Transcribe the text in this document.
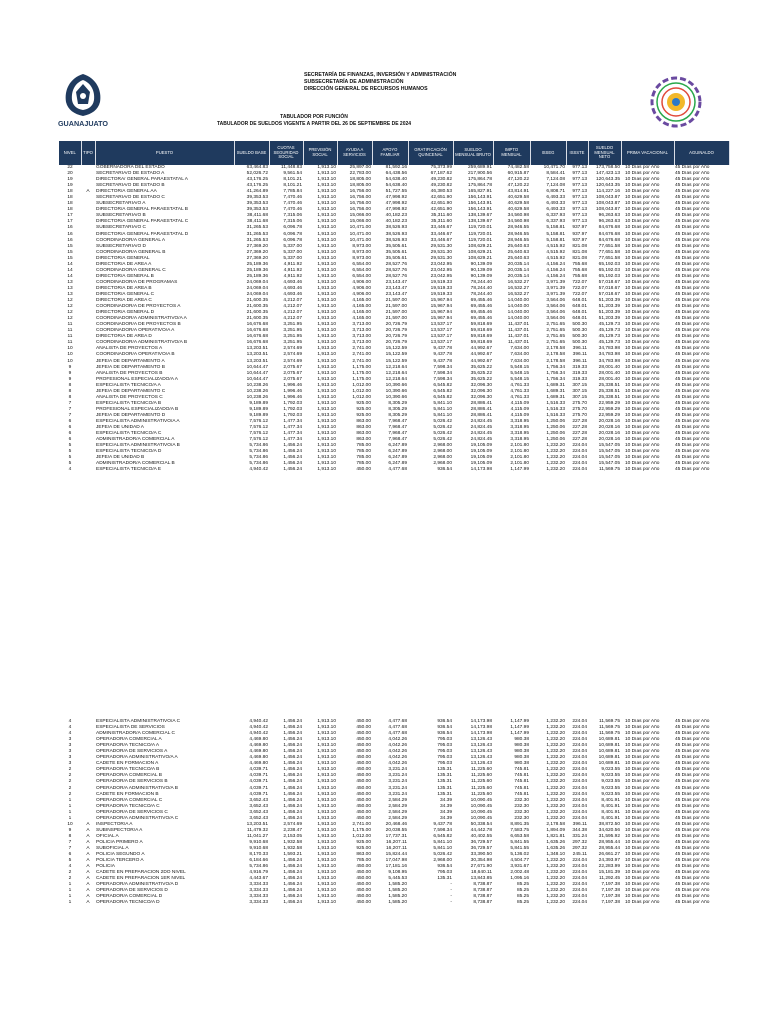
GUANAJUATO
SECRETARÍA DE FINANZAS, INVERSIÓN Y ADMINISTRACIÓN
SUBSECRETARÍA DE ADMINISTRACIÓN
DIRECCIÓN GENERAL DE RECURSOS HUMANOS
TABULADOR POR FUNCIÓN
TABULADOR DE SUELDOS VIGENTE A PARTIR DEL 26 DE SEPTIEMBRE DE 2024
NIVEL	TIPO	PUESTO	SUELDO BASE	CUOTAS SEGURIDAD SOCIAL	PREVISIÓN SOCIAL	AYUDA A SERVICIOS	APOYO FAMILIAR	GRATIFICACIÓN QUINCENAL	SUELDO MENSUAL BRUTO	IMPTO MENSUAL	ISSEG	ISSSTE	SUELDO MENSUAL NETO	PRIMA VACACIONAL	AGUINALDO
22		GOBERNADORA DEL ESTADO	63,464.83	11,448.83	1,913.10	25,897.00	81,592.16	75,373.99	259,689.91	74,482.58	10,471.70	977.13	173,758.50	10 Días por Año	45 Días por Año
20		SECRETARIA/O DE ESTADO A	52,026.72	9,561.54	1,913.10	22,783.00	64,438.56	67,187.62	217,900.56	60,915.87	8,584.41	977.13	147,423.13	10 Días por Año	45 Días por Año
19		DIRECTORA/ GENERAL PARAESTATAL A	43,176.25	8,101.21	1,913.10	18,805.00	54,638.40	49,230.82	175,864.78	47,120.22	7,124.08	977.13	120,643.35	10 Días por Año	45 Días por Año
19		SECRETARIA/O DE ESTADO B	43,176.25	8,101.21	1,913.10	18,805.00	54,638.40	49,230.82	175,864.78	47,120.22	7,124.08	977.13	120,643.35	10 Días por Año	45 Días por Año
18	A	DIRECTOR/A GENERAL AA	41,264.89	7,785.84	1,913.10	16,756.00	51,727.55	46,380.53	165,827.91	43,814.91	6,808.71	977.13	114,227.16	10 Días por Año	45 Días por Año
18		SECRETARIA/O DE ESTADO C	39,353.53	7,470.46	1,913.10	16,756.00	47,998.92	42,651.90	156,143.91	40,629.58	6,493.33	977.13	108,043.87	10 Días por Año	45 Días por Año
18		SUBSECRETARIA/O A	39,353.53	7,470.46	1,913.10	16,756.00	47,998.92	42,651.90	156,143.91	40,629.58	6,493.33	977.13	108,043.87	10 Días por Año	45 Días por Año
18		DIRECTOR/A GENERAL PARAESTATAL B	39,353.53	7,470.46	1,913.10	16,756.00	47,998.92	42,651.90	156,143.91	40,629.58	6,493.33	977.13	108,043.87	10 Días por Año	45 Días por Año
17		SUBSECRETARIA/O B	38,411.68	7,315.06	1,913.10	15,066.00	40,182.23	35,311.60	138,139.67	34,560.98	6,337.93	977.13	96,263.63	10 Días por Año	45 Días por Año
17		DIRECTOR/A GENERAL PARAESTATAL C	38,411.68	7,315.06	1,913.10	15,066.00	40,182.23	35,311.60	138,139.67	34,560.98	6,337.93	977.13	96,263.63	10 Días por Año	45 Días por Año
16		SUBSECRETARIA/O C	31,265.53	6,096.78	1,913.10	10,471.00	38,526.93	33,446.67	119,720.01	28,946.55	5,158.81	937.97	84,676.68	10 Días por Año	45 Días por Año
16		DIRECTOR/A GENERAL PARAESTATAL D	31,265.53	6,096.78	1,913.10	10,471.00	38,526.93	33,446.67	119,720.01	28,946.55	5,158.81	937.97	84,676.68	10 Días por Año	45 Días por Año
16		COORDINADOR/A GENERAL A	31,265.53	6,096.78	1,913.10	10,471.00	38,526.93	33,446.67	119,720.01	28,946.55	5,158.81	937.97	84,676.68	10 Días por Año	45 Días por Año
15		SUBSECRETARIA/O D	27,369.20	5,337.00	1,913.10	8,973.00	35,505.61	29,531.30	108,629.21	25,640.63	4,515.92	821.08	77,651.58	10 Días por Año	45 Días por Año
15		COORDINADOR/A GENERAL B	27,369.20	5,337.00	1,913.10	8,973.00	35,505.61	29,531.30	108,629.21	25,640.63	4,515.92	821.08	77,651.58	10 Días por Año	45 Días por Año
15		DIRECTOR/A GENERAL	27,369.20	5,337.00	1,913.10	8,973.00	35,505.61	29,531.30	108,629.21	25,640.63	4,515.92	821.08	77,651.58	10 Días por Año	45 Días por Año
14		DIRECTOR/A DE AREA A	25,189.36	4,911.92	1,913.10	6,554.00	28,527.76	23,042.95	90,139.09	20,035.14	4,156.24	755.68	65,192.03	10 Días por Año	45 Días por Año
14		COORDINADOR/A GENERAL C	25,189.36	4,911.92	1,913.10	6,554.00	28,527.76	23,042.95	90,139.09	20,035.14	4,156.24	755.68	65,192.03	10 Días por Año	45 Días por Año
14		DIRECTOR/A GENERAL B	25,189.36	4,911.92	1,913.10	6,554.00	28,527.76	23,042.95	90,139.09	20,035.14	4,156.24	755.68	65,192.03	10 Días por Año	45 Días por Año
13		COORDINADOR/A DE PROGRAMAS	24,069.04	4,693.46	1,913.10	4,906.00	23,143.47	19,519.33	78,244.40	16,532.27	3,971.39	722.07	57,018.67	10 Días por Año	45 Días por Año
13		DIRECTOR/A DE AREA B	24,069.04	4,693.46	1,913.10	4,906.00	23,143.47	19,519.33	78,244.40	16,532.27	3,971.39	722.07	57,018.67	10 Días por Año	45 Días por Año
13		DIRECTOR/A GENERAL C	24,069.04	4,693.46	1,913.10	4,906.00	23,143.47	19,519.33	78,244.40	16,532.27	3,971.39	722.07	57,018.67	10 Días por Año	45 Días por Año
12		DIRECTOR/A DE AREA C	21,600.35	4,212.07	1,913.10	4,165.00	21,597.00	15,967.94	69,455.46	14,040.00	3,564.06	648.01	51,203.39	10 Días por Año	45 Días por Año
12		COORDINADOR/A DE PROYECTOS A	21,600.35	4,212.07	1,913.10	4,165.00	21,597.00	15,967.94	69,455.46	14,040.00	3,564.06	648.01	51,203.39	10 Días por Año	45 Días por Año
12		DIRECTOR/A GENERAL D	21,600.35	4,212.07	1,913.10	4,165.00	21,597.00	15,967.94	69,455.46	14,040.00	3,564.06	648.01	51,203.39	10 Días por Año	45 Días por Año
12		COORDINADOR/A ADMINISTRATIVO/A A	21,600.35	4,212.07	1,913.10	4,165.00	21,597.00	15,967.94	69,455.46	14,040.00	3,564.06	648.01	51,203.39	10 Días por Año	45 Días por Año
11		COORDINADOR/A DE PROYECTOS B	16,676.68	3,251.95	1,913.10	3,713.00	20,726.79	13,537.17	59,818.69	11,437.01	2,751.65	500.30	45,129.73	10 Días por Año	45 Días por Año
11		COORDINADOR/A OPERATIVO/A A	16,676.68	3,251.95	1,913.10	3,713.00	20,726.79	13,537.17	59,818.69	11,437.01	2,751.65	500.30	45,129.73	10 Días por Año	45 Días por Año
11		DIRECTOR/A DE AREA D	16,676.68	3,251.95	1,913.10	3,713.00	20,726.79	13,537.17	59,818.69	11,437.01	2,751.65	500.30	45,129.73	10 Días por Año	45 Días por Año
11		COORDINADOR/A ADMINISTRATIVO/A B	16,676.68	3,251.95	1,913.10	3,713.00	20,726.79	13,537.17	59,818.69	11,437.01	2,751.65	500.30	45,129.73	10 Días por Año	45 Días por Año
10		ANALISTA DE PROYECTOS A	13,203.51	2,574.69	1,913.10	2,741.00	15,122.59	9,437.78	44,992.67	7,634.00	2,178.58	396.11	34,783.98	10 Días por Año	45 Días por Año
10		COORDINADOR/A OPERATIVO/A B	13,203.51	2,574.69	1,913.10	2,741.00	15,122.59	9,437.78	44,992.67	7,634.00	2,178.58	396.11	34,783.98	10 Días por Año	45 Días por Año
10		JEFE/A DE DEPARTAMENTO A	13,203.51	2,574.69	1,913.10	2,741.00	15,122.59	9,437.78	44,992.67	7,634.00	2,178.58	396.11	34,783.98	10 Días por Año	45 Días por Año
9		JEFE/A DE DEPARTAMENTO B	10,644.47	2,075.67	1,913.10	1,175.00	12,218.64	7,598.34	35,625.22	5,548.15	1,756.34	319.33	28,001.40	10 Días por Año	45 Días por Año
9		ANALISTA DE PROYECTOS B	10,644.47	2,075.67	1,913.10	1,175.00	12,218.64	7,598.34	35,625.22	5,548.15	1,756.34	319.33	28,001.40	10 Días por Año	45 Días por Año
9		PROFESIONAL ESPECIALIZADO/A A	10,644.47	2,075.67	1,913.10	1,175.00	12,218.64	7,598.34	35,625.22	5,548.15	1,756.34	319.33	28,001.40	10 Días por Año	45 Días por Año
8		ESPECIALISTA TECNICO/A A	10,238.26	1,996.46	1,913.10	1,012.00	10,390.66	6,545.82	32,096.30	4,761.33	1,689.31	307.15	25,338.51	10 Días por Año	45 Días por Año
8		JEFE/A DE DEPARTAMENTO C	10,238.26	1,996.46	1,913.10	1,012.00	10,390.66	6,545.82	32,096.30	4,761.33	1,689.31	307.15	25,338.51	10 Días por Año	45 Días por Año
8		ANALISTA DE PROYECTOS C	10,238.26	1,996.46	1,913.10	1,012.00	10,390.66	6,545.82	32,096.30	4,761.33	1,689.31	307.15	25,338.51	10 Días por Año	45 Días por Año
7		ESPECIALISTA TECNICO/A B	9,189.89	1,792.03	1,913.10	925.00	8,305.29	5,841.10	28,886.41	4,115.09	1,516.33	275.70	22,959.29	10 Días por Año	45 Días por Año
7		PROFESIONAL ESPECIALIZADO/A B	9,189.89	1,792.03	1,913.10	925.00	8,305.29	5,841.10	28,886.41	4,115.09	1,516.33	275.70	22,959.29	10 Días por Año	45 Días por Año
7		JEFE/A DE DEPARTAMENTO D	9,189.89	1,792.03	1,913.10	925.00	8,305.29	5,841.10	28,886.41	4,115.09	1,516.33	275.70	22,959.29	10 Días por Año	45 Días por Año
6		ESPECIALISTA ADMINISTRATIVO/A A	7,576.12	1,477.34	1,913.10	863.00	7,968.47	5,026.42	24,824.45	3,318.95	1,250.06	227.28	20,028.16	10 Días por Año	45 Días por Año
6		JEFE/A DE UNIDAD A	7,576.12	1,477.34	1,913.10	863.00	7,968.47	5,026.42	24,824.45	3,318.95	1,250.06	227.28	20,028.16	10 Días por Año	45 Días por Año
6		ESPECIALISTA TECNICO/A C	7,576.12	1,477.34	1,913.10	863.00	7,968.47	5,026.42	24,824.45	3,318.95	1,250.06	227.28	20,028.16	10 Días por Año	45 Días por Año
6		ADMINISTRADOR/A COMERCIAL A	7,576.12	1,477.34	1,913.10	863.00	7,968.47	5,026.42	24,824.45	3,318.95	1,250.06	227.28	20,028.16	10 Días por Año	45 Días por Año
5		ESPECIALISTA ADMINISTRATIVO/A B	5,734.86	1,456.24	1,913.10	785.00	6,247.89	2,968.00	19,105.09	2,101.80	1,232.20	224.04	15,547.05	10 Días por Año	45 Días por Año
5		ESPECIALISTA TECNICO/A D	5,734.86	1,456.24	1,913.10	785.00	6,247.89	2,968.00	19,105.09	2,101.80	1,232.20	224.04	15,547.05	10 Días por Año	45 Días por Año
5		JEFE/A DE UNIDAD B	5,734.86	1,456.24	1,913.10	785.00	6,247.89	2,968.00	19,105.09	2,101.80	1,232.20	224.04	15,547.05	10 Días por Año	45 Días por Año
5		ADMINISTRADOR/A COMERCIAL B	5,734.86	1,456.24	1,913.10	785.00	6,247.89	2,968.00	19,105.09	2,101.80	1,232.20	224.04	15,547.05	10 Días por Año	45 Días por Año
4		ESPECIALISTA TECNICO/A E	4,940.42	1,456.24	1,913.10	450.00	4,477.68	936.54	14,173.98	1,147.99	1,232.20	224.04	11,569.75	10 Días por Año	45 Días por Año
4		ESPECIALISTA ADMINISTRATIVO/A C	4,940.42	1,456.24	1,913.10	450.00	4,477.68	936.54	14,173.98	1,147.99	1,232.20	224.04	11,569.75	10 Días por Año	45 Días por Año
4		ESPECIALISTA DE SERVICIOS	4,940.42	1,456.24	1,913.10	450.00	4,477.68	936.54	14,173.98	1,147.99	1,232.20	224.04	11,569.75	10 Días por Año	45 Días por Año
4		ADMINISTRADOR/A COMERCIAL C	4,940.42	1,456.24	1,913.10	450.00	4,477.68	936.54	14,173.98	1,147.99	1,232.20	224.04	11,569.75	10 Días por Año	45 Días por Año
3		OPERADOR/A COMERCIAL A	4,469.80	1,456.24	1,913.10	450.00	4,042.26	795.03	13,126.43	980.38	1,232.20	224.04	10,689.81	10 Días por Año	45 Días por Año
3		OPERADOR/A TECNICO/A A	4,469.80	1,456.24	1,913.10	450.00	4,042.26	795.03	13,126.43	980.38	1,232.20	224.04	10,689.81	10 Días por Año	45 Días por Año
3		OPERADOR/A DE SERVICIOS A	4,469.80	1,456.24	1,913.10	450.00	4,042.26	795.03	13,126.43	980.38	1,232.20	224.04	10,689.81	10 Días por Año	45 Días por Año
3		OPERADOR/A ADMINISTRATIVO/A A	4,469.80	1,456.24	1,913.10	450.00	4,042.26	795.03	13,126.43	980.38	1,232.20	224.04	10,689.81	10 Días por Año	45 Días por Año
3		CADETE EN FORMACION A	4,469.80	1,456.24	1,913.10	450.00	4,042.26	795.03	13,126.43	980.38	1,232.20	224.04	10,689.81	10 Días por Año	45 Días por Año
2		OPERADOR/A TECNICO/A B	4,039.71	1,456.24	1,913.10	450.00	3,231.24	135.31	11,225.60	745.81	1,232.20	224.04	9,023.55	10 Días por Año	45 Días por Año
2		OPERADOR/A COMERCIAL B	4,039.71	1,456.24	1,913.10	450.00	3,231.24	135.31	11,225.60	745.81	1,232.20	224.04	9,023.55	10 Días por Año	45 Días por Año
2		OPERADOR/A DE SERVICIOS B	4,039.71	1,456.24	1,913.10	450.00	3,231.24	135.31	11,225.60	745.81	1,232.20	224.04	9,023.55	10 Días por Año	45 Días por Año
2		OPERADOR/A ADMINISTRATIVO/A B	4,039.71	1,456.24	1,913.10	450.00	3,231.24	135.31	11,225.60	745.81	1,232.20	224.04	9,023.55	10 Días por Año	45 Días por Año
2		CADETE EN FORMACION B	4,039.71	1,456.24	1,913.10	450.00	3,231.24	135.31	11,225.60	745.81	1,232.20	224.04	9,023.55	10 Días por Año	45 Días por Año
1		OPERADOR/A COMERCIAL C	3,652.43	1,456.24	1,913.10	450.00	2,584.29	34.39	10,090.45	232.30	1,232.20	224.04	8,401.91	10 Días por Año	45 Días por Año
1		OPERADOR/A TECNICO/A C	3,652.43	1,456.24	1,913.10	450.00	2,584.29	34.39	10,090.45	232.30	1,232.20	224.04	8,401.91	10 Días por Año	45 Días por Año
1		OPERADOR/A DE SERVICIOS C	3,652.43	1,456.24	1,913.10	450.00	2,584.29	34.39	10,090.45	232.30	1,232.20	224.04	8,401.91	10 Días por Año	45 Días por Año
1		OPERADOR/A ADMINISTRATIVO/A C	3,652.43	1,456.24	1,913.10	450.00	2,584.29	34.39	10,090.45	232.30	1,232.20	224.04	8,401.91	10 Días por Año	45 Días por Año
10	A	INSPECTOR/A A	13,203.51	2,574.69	1,913.10	2,741.00	20,468.46	9,437.78	50,338.54	8,891.35	2,178.58	396.11	38,872.50	10 Días por Año	45 Días por Año
9	A	SUBINSPECTOR/A A	11,479.32	2,238.47	1,913.10	1,175.00	20,038.55	7,598.34	44,442.78	7,583.75	1,894.09	344.38	34,620.56	10 Días por Año	45 Días por Año
8	A	OFICIAL A	11,041.27	2,153.05	1,913.10	1,012.00	17,737.31	6,545.82	40,402.55	6,653.58	1,821.81	331.24	31,595.92	10 Días por Año	45 Días por Año
7	A	POLICIA PRIMERO A	9,910.68	1,932.58	1,913.10	925.00	16,207.11	5,841.10	36,729.57	5,841.55	1,635.26	297.32	28,955.44	10 Días por Año	45 Días por Año
7	A	SUBOFICIAL A	9,910.68	1,932.58	1,913.10	925.00	16,207.11	5,841.10	36,729.57	5,841.55	1,635.26	297.32	28,955.44	10 Días por Año	45 Días por Año
6	A	POLICIA SEGUNDO A	8,170.33	1,593.21	1,913.10	863.00	15,824.44	5,026.42	33,390.50	5,136.02	1,348.10	245.11	26,661.27	10 Días por Año	45 Días por Año
5	A	POLICIA TERCERO A	6,184.66	1,456.24	1,913.10	785.00	17,047.98	2,968.00	30,354.98	4,504.77	1,232.20	224.04	24,393.97	10 Días por Año	45 Días por Año
4	A	POLICIA	5,734.86	1,456.24	1,913.10	450.00	17,181.16	936.54	27,671.90	3,931.67	1,232.20	224.04	22,283.99	10 Días por Año	45 Días por Año
2	A	CADETE EN PREPARACIÓN 2DO NIVEL	4,916.79	1,456.24	1,913.10	450.00	9,108.95	795.03	18,640.11	2,002.48	1,232.20	224.04	15,181.39	10 Días por Año	45 Días por Año
2	A	CADETE EN PREPARACIÓN 1ER NIVEL	4,443.67	1,456.24	1,913.10	450.00	5,445.53	135.31	13,843.85	1,095.16	1,232.20	224.04	11,292.45	10 Días por Año	45 Días por Año
1	A	OPERADOR/A ADMINISTRATIVO/A D	3,334.33	1,456.24	1,913.10	450.00	1,585.20	-	8,738.87	85.25	1,232.20	224.04	7,197.38	10 Días por Año	45 Días por Año
1	A	OPERADOR/A DE SERVICIOS D	3,334.33	1,456.24	1,913.10	450.00	1,585.20	-	8,738.87	85.25	1,232.20	224.04	7,197.38	10 Días por Año	45 Días por Año
1	A	OPERADOR/A COMERCIAL D	3,334.33	1,456.24	1,913.10	450.00	1,585.20	-	8,738.87	85.25	1,232.20	224.04	7,197.38	10 Días por Año	45 Días por Año
1	A	OPERADOR/A TECNICO/A D	3,334.33	1,456.24	1,913.10	450.00	1,585.20	-	8,738.87	85.25	1,232.20	224.04	7,197.38	10 Días por Año	45 Días por Año
